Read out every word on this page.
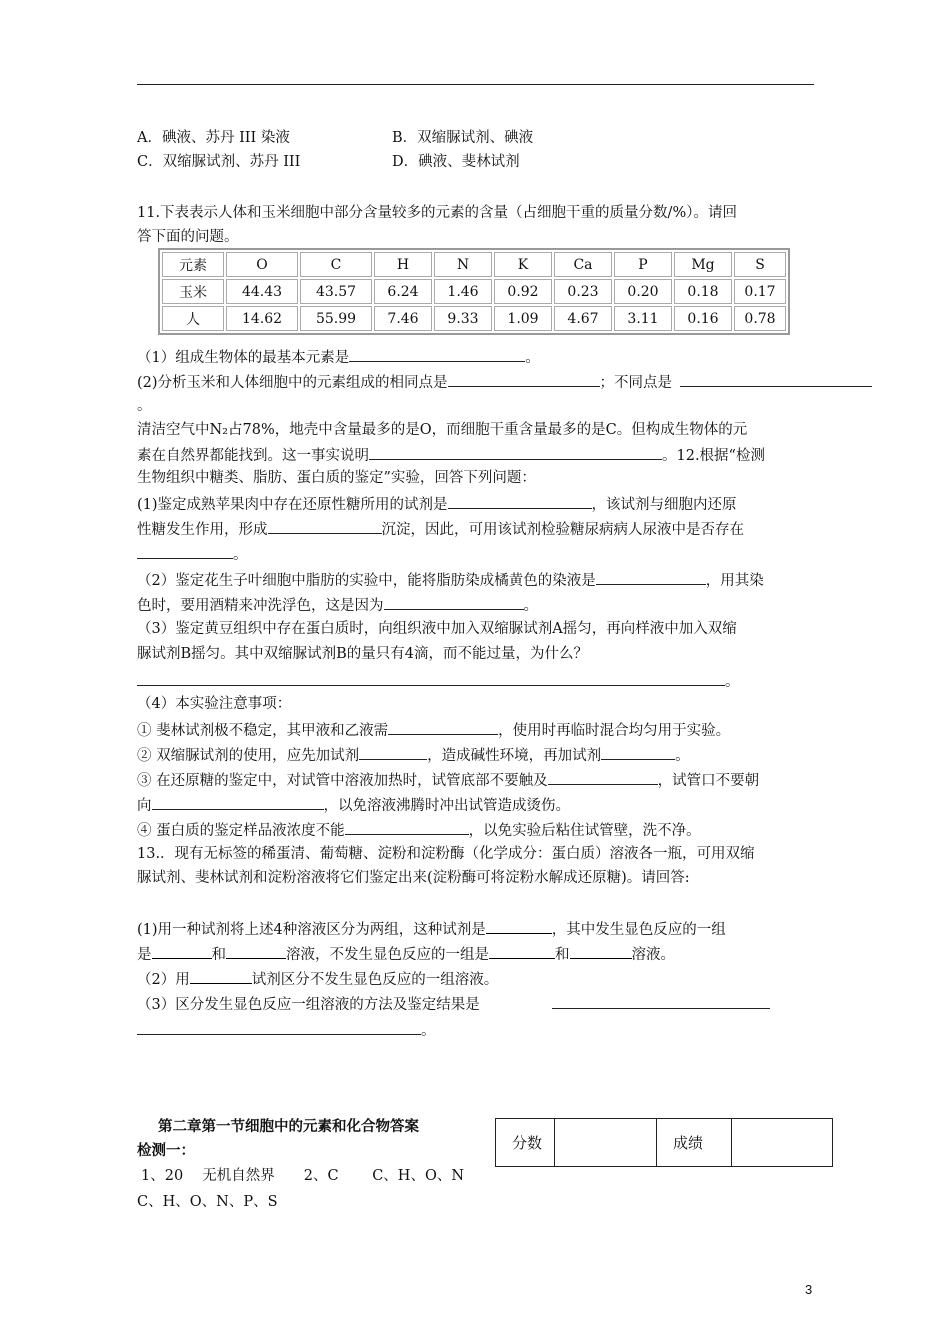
A．碘液、苏丹 III 染液	B．双缩脲试剂、碘液
C．双缩脲试剂、苏丹 III	D．碘液、斐林试剂
11.下表表示人体和玉米细胞中部分含量较多的元素的含量（占细胞干重的质量分数/%）。请回
答下面的问题。
元素	O	C	H	N	K	Ca	P	Mg	S
玉米	44.43	43.57	6.24	1.46	0.92	0.23	0.20	0.18	0.17
人	14.62	55.99	7.46	9.33	1.09	4.67	3.11	0.16	0.78
（1）组成生物体的最基本元素是	。
(2)分析玉米和人体细胞中的元素组成的相同点是	；不同点是
。
清洁空气中N₂占78%，地壳中含量最多的是O，而细胞干重含量最多的是C。但构成生物体的元
素在自然界都能找到。这一事实说明	。12.根据“检测
生物组织中糖类、脂肪、蛋白质的鉴定”实验，回答下列问题：
(1)鉴定成熟苹果肉中存在还原性糖所用的试剂是	，该试剂与细胞内还原
性糖发生作用，形成	沉淀，因此，可用该试剂检验糖尿病病人尿液中是否存在
。
（2）鉴定花生子叶细胞中脂肪的实验中，能将脂肪染成橘黄色的染液是	，用其染
色时，要用酒精来冲洗浮色，这是因为	。
（3）鉴定黄豆组织中存在蛋白质时，向组织液中加入双缩脲试剂A摇匀，再向样液中加入双缩
脲试剂B摇匀。其中双缩脲试剂B的量只有4滴，而不能过量，为什么？
。
（4）本实验注意事项：
① 斐林试剂极不稳定，其甲液和乙液需	，使用时再临时混合均匀用于实验。
② 双缩脲试剂的使用，应先加试剂	，造成碱性环境，再加试剂	。
③ 在还原糖的鉴定中，对试管中溶液加热时，试管底部不要触及	，试管口不要朝
向	，以免溶液沸腾时冲出试管造成烫伤。
④ 蛋白质的鉴定样品液浓度不能	，以免实验后粘住试管壁，洗不净。
13.．现有无标签的稀蛋清、葡萄糖、淀粉和淀粉酶（化学成分：蛋白质）溶液各一瓶，可用双缩
脲试剂、斐林试剂和淀粉溶液将它们鉴定出来(淀粉酶可将淀粉水解成还原糖)。请回答:
(1)用一种试剂将上述4种溶液区分为两组，这种试剂是	，其中发生显色反应的一组
是	和	溶液，不发生显色反应的一组是	和	溶液。
（2）用	试剂区分不发生显色反应的一组溶液。
（3）区分发生显色反应一组溶液的方法及鉴定结果是
。
第二章第一节细胞中的元素和化合物答案
检测一：
1、20　 无机自然界　　2、C　　 C、H、O、N
C、H、O、N、P、S
分数		成绩	
3
